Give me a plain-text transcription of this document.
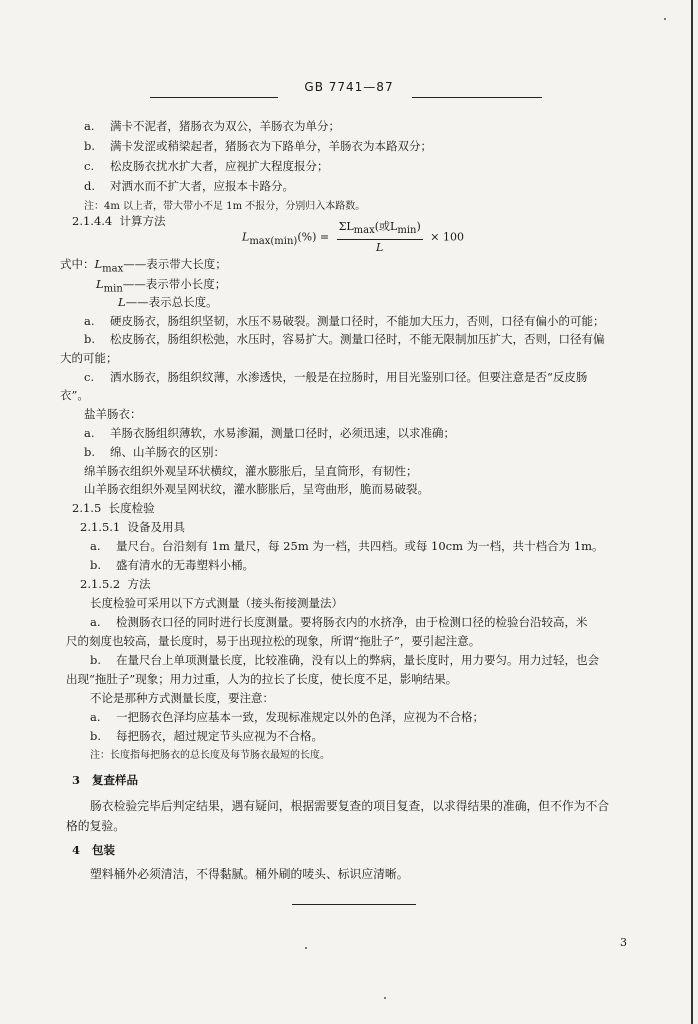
GB 7741—87
a. 满卡不泥者，猪肠衣为双公，羊肠衣为单分；
b. 满卡发涩或稍梁起者，猪肠衣为下路单分，羊肠衣为本路双分；
c. 松皮肠衣扰水扩大者，应视扩大程度报分；
d. 对洒水而不扩大者，应报本卡路分。
注：4m 以上者，带大带小不足 1m 不报分，分别归入本路数。
2.1.4.4 计算方法
$L_{max(min)}(\%) = \frac{\Sigma L_{max}(或L_{min})}{L} \times 100$
式中：$L_{max}——$表示带大长度；
$L_{min}——$表示带小长度；
L——表示总长度。
a. 硬皮肠衣，肠组织坚韧，水压不易破裂。测量口径时，不能加大压力，否则，口径有偏小的可能；
b. 松皮肠衣，肠组织松弛，水压时，容易扩大。测量口径时，不能无限制加压扩大，否则，口径有偏
大的可能；
c. 洒水肠衣，肠组织纹薄，水渗透快，一般是在拉肠时，用目光鉴别口径。但要注意是否“反皮肠
衣”。
盐羊肠衣：
a. 羊肠衣肠组织薄软，水易渗漏，测量口径时，必须迅速，以求准确；
b. 绵、山羊肠衣的区别：
绵羊肠衣组织外观呈环状横纹，灌水膨胀后，呈直筒形，有韧性；
山羊肠衣组织外观呈网状纹，灌水膨胀后，呈弯曲形，脆而易破裂。
2.1.5 长度检验
2.1.5.1 设备及用具
a. 量尺台。台沿刻有 1m 量尺，每 25m 为一档，共四档。或每 10cm 为一档，共十档合为 1m。
b. 盛有清水的无毒塑料小桶。
2.1.5.2 方法
长度检验可采用以下方式测量（接头衔接测量法）
a. 检测肠衣口径的同时进行长度测量。要将肠衣内的水挤净，由于检测口径的检验台沿较高，米
尺的刻度也较高，量长度时，易于出现拉松的现象，所谓“拖肚子”，要引起注意。
b. 在量尺台上单项测量长度，比较准确，没有以上的弊病，量长度时，用力要匀。用力过轻，也会
出现“拖肚子”现象；用力过重，人为的拉长了长度，使长度不足，影响结果。
不论是那种方式测量长度，要注意：
a. 一把肠衣色泽均应基本一致，发现标准规定以外的色泽，应视为不合格；
b. 每把肠衣，超过规定节头应视为不合格。
注：长度指每把肠衣的总长度及每节肠衣最短的长度。
3 复查样品
肠衣检验完毕后判定结果，遇有疑问，根据需要复查的项目复查，以求得结果的准确，但不作为不合
格的复验。
4 包装
塑料桶外必须清洁，不得黏腻。桶外刷的唛头、标识应清晰。
3
